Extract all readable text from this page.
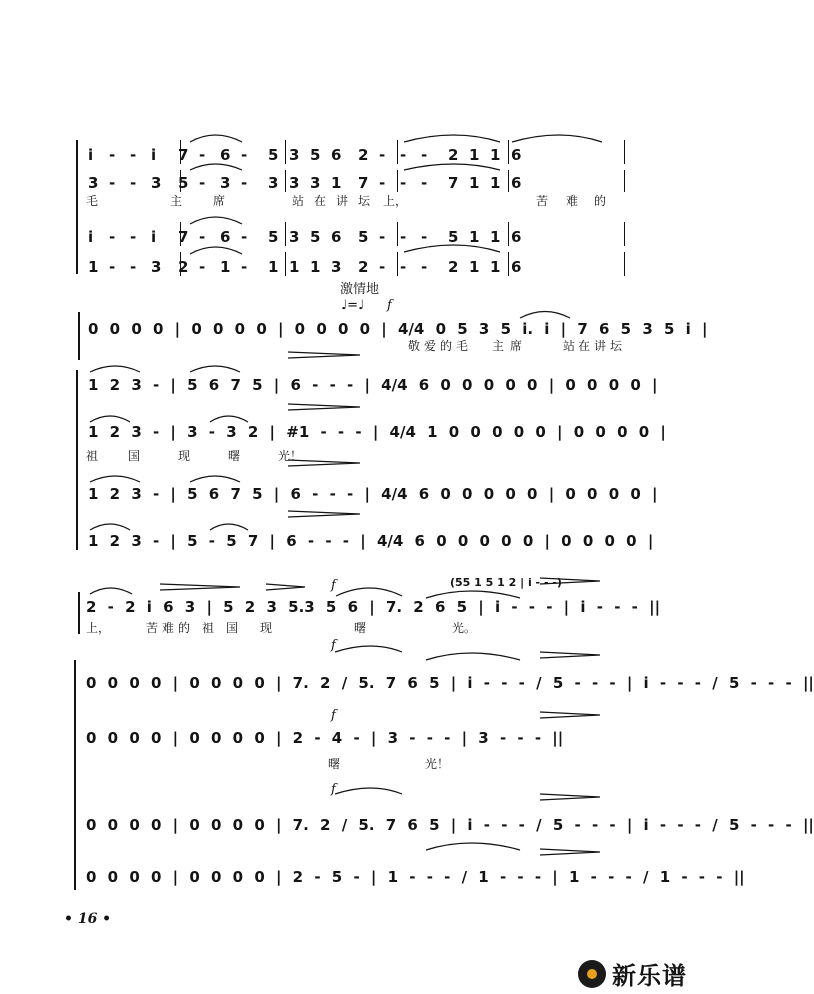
i - - i 7 - 6 - 5 3 5 6 2 - - - 2 1 1 6
3 - - 3 5 - 3 - 3 3 3 1 7 - - - 7 1 1 6
i - - i 7 - 6 - 5 3 5 6 5 - - - 5 1 1 6
1 - - 3 2 - 1 - 1 1 1 3 2 - - - 2 1 1 6
毛	主	席	站 在 讲 坛 上，	苦 难 的
激情地
♩=♩ f
0 0 0 0 | 0 0 0 0 | 0 0 0 0 | 4/4 0 5 3 5 i. i | 7 6 5 3 5 i |
1 2 3 - | 5 6 7 5 | 6 - - - | 4/4 6 0 0 0 0 0 | 0 0 0 0 |
1 2 3 - | 3 - 3 2 | #1 - - - | 4/4 1 0 0 0 0 0 | 0 0 0 0 |
1 2 3 - | 5 6 7 5 | 6 - - - | 4/4 6 0 0 0 0 0 | 0 0 0 0 |
1 2 3 - | 5 - 5 7 | 6 - - - | 4/4 6 0 0 0 0 0 | 0 0 0 0 |
敬 爱 的 毛 主 席	站 在 讲 坛
祖 国	现	曙	光！
(55 1 5 1 2 | i - - -)
2 - 2 i 6 3 | 5 2 3 5.3 5 6 | 7. 2 6 5 | i - - - | i - - - ||
0 0 0 0 | 0 0 0 0 | 7. 2 / 5. 7 6 5 | i - - - / 5 - - - | i - - - / 5 - - - ||
0 0 0 0 | 0 0 0 0 | 2 - 4 - | 3 - - - | 3 - - - ||
0 0 0 0 | 0 0 0 0 | 7. 2 / 5. 7 6 5 | i - - - / 5 - - - | i - - - / 5 - - - ||
0 0 0 0 | 0 0 0 0 | 2 - 5 - | 1 - - - / 1 - - - | 1 - - - / 1 - - - ||
上，	苦 难 的 祖 国 现	曙	光。
曙	光！
f
f
f
f
• 16 •
新乐谱
